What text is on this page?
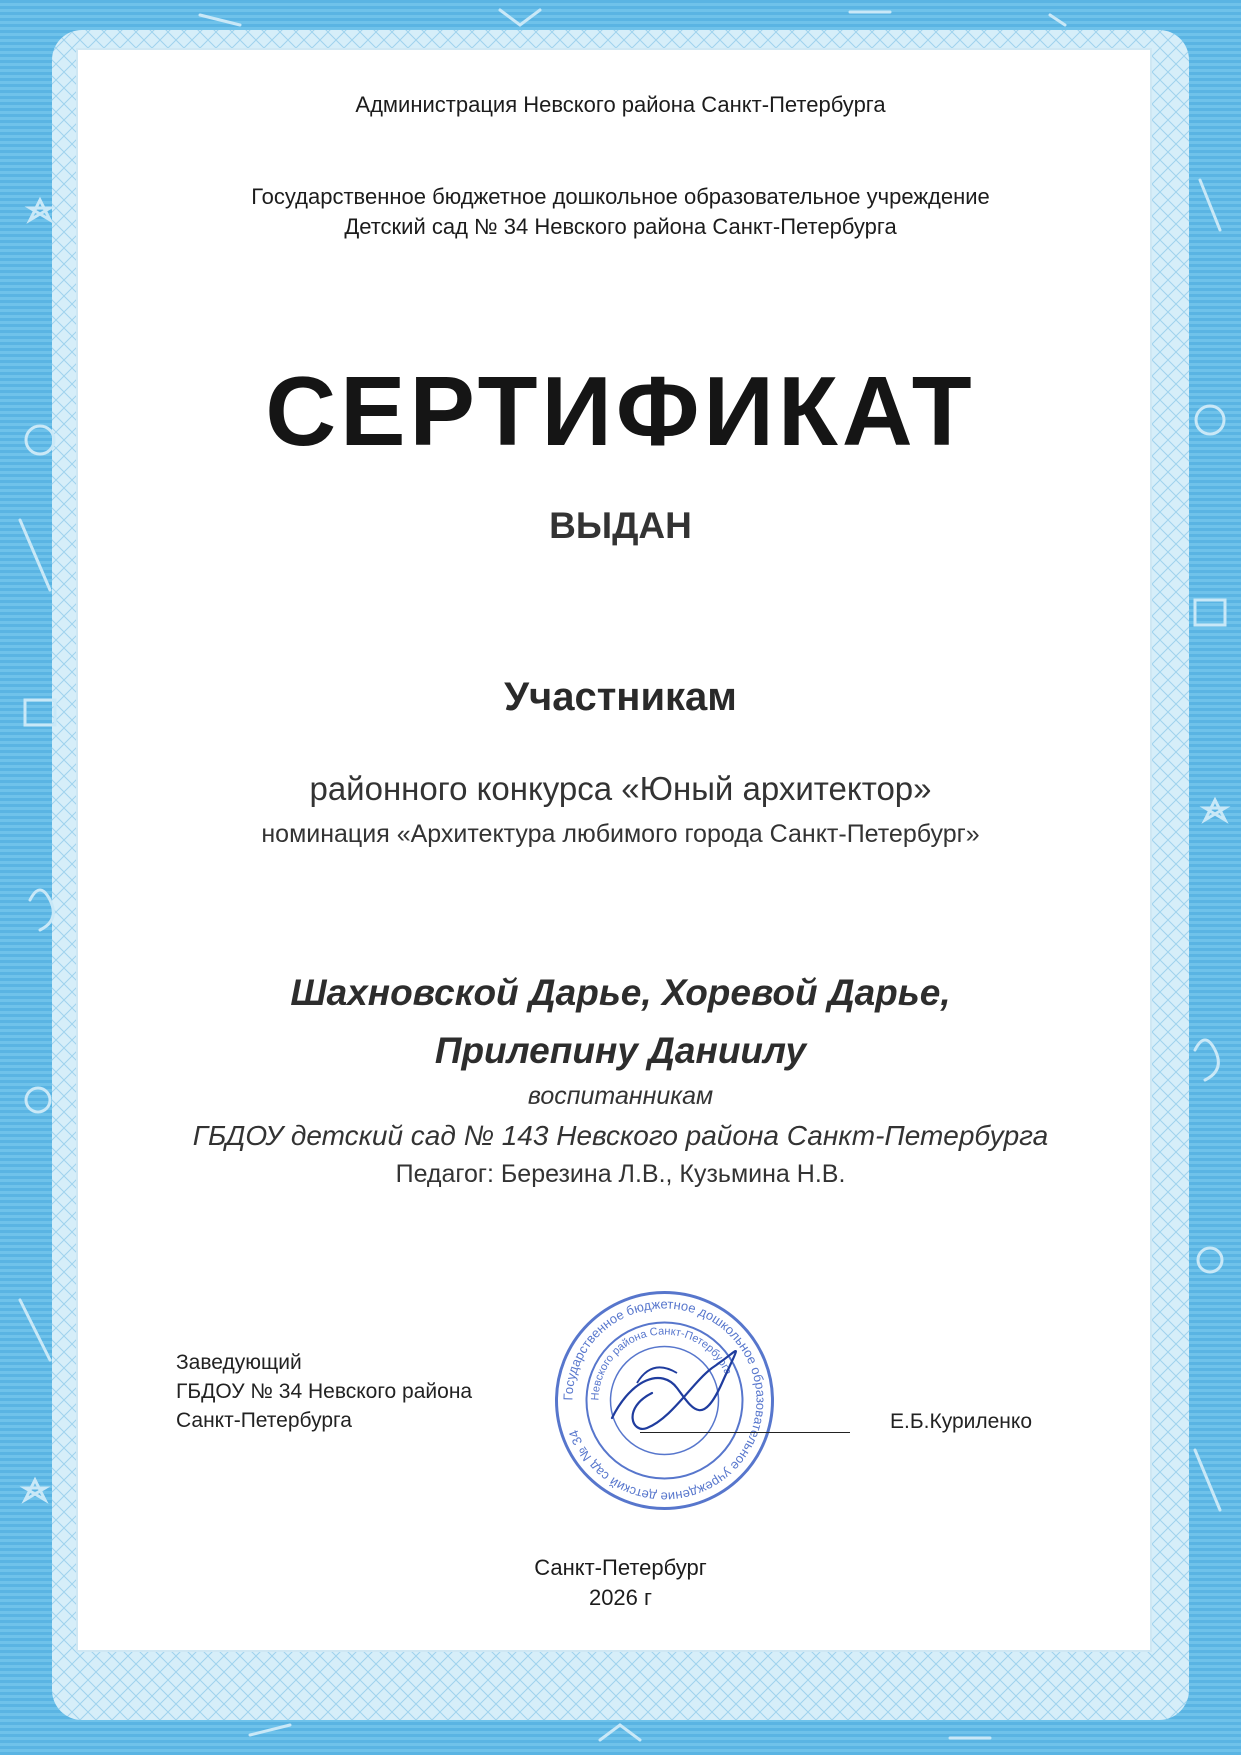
Администрация Невского района Санкт-Петербурга
Государственное бюджетное дошкольное образовательное учреждение
Детский сад № 34 Невского района Санкт-Петербурга
СЕРТИФИКАТ
ВЫДАН
Участникам
районного конкурса «Юный архитектор»
номинация «Архитектура любимого города Санкт-Петербург»
Шахновской Дарье, Хоревой Дарье,
Прилепину Даниилу
воспитанникам
ГБДОУ детский сад № 143 Невского района Санкт-Петербурга
Педагог: Березина Л.В., Кузьмина Н.В.
Заведующий
ГБДОУ № 34 Невского района
Санкт-Петербурга
Государственное бюджетное дошкольное образовательное учреждение детский сад № 34
Невского района Санкт-Петербурга
Е.Б.Куриленко
Санкт-Петербург
2026 г
